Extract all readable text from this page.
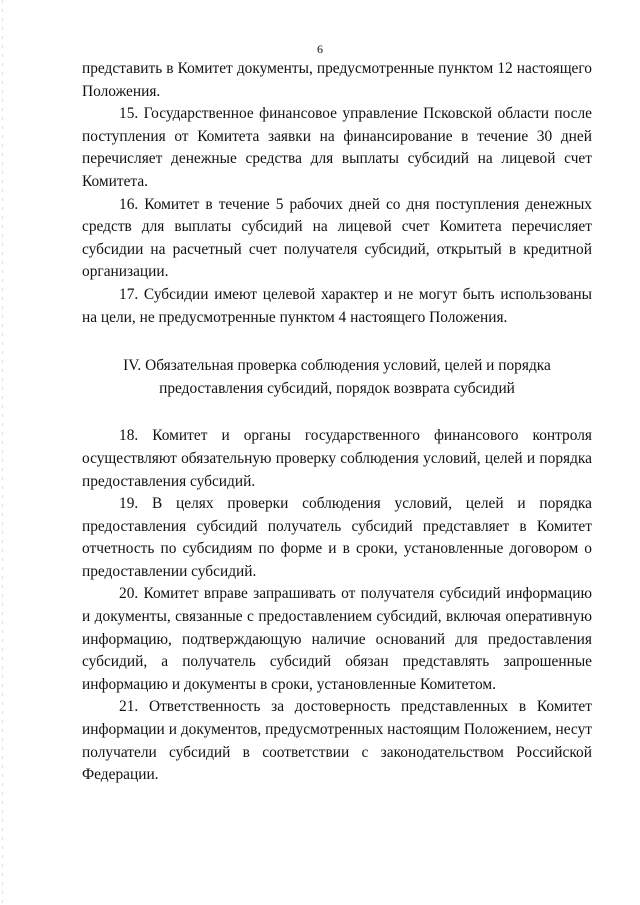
6

представить в Комитет документы, предусмотренные пунктом 12 настоящего Положения.

15. Государственное финансовое управление Псковской области после поступления от Комитета заявки на финансирование в течение 30 дней перечисляет денежные средства для выплаты субсидий на лицевой счет Комитета.

16. Комитет в течение 5 рабочих дней со дня поступления денежных средств для выплаты субсидий на лицевой счет Комитета перечисляет субсидии на расчетный счет получателя субсидий, открытый в кредитной организации.

17. Субсидии имеют целевой характер и не могут быть использованы на цели, не предусмотренные пунктом 4 настоящего Положения.

IV. Обязательная проверка соблюдения условий, целей и порядка
предоставления субсидий, порядок возврата субсидий

18. Комитет и органы государственного финансового контроля осуществляют обязательную проверку соблюдения условий, целей и порядка предоставления субсидий.

19. В целях проверки соблюдения условий, целей и порядка предоставления субсидий получатель субсидий представляет в Комитет отчетность по субсидиям по форме и в сроки, установленные договором о предоставлении субсидий.

20. Комитет вправе запрашивать от получателя субсидий информацию и документы, связанные с предоставлением субсидий, включая оперативную информацию, подтверждающую наличие оснований для предоставления субсидий, а получатель субсидий обязан представлять запрошенные информацию и документы в сроки, установленные Комитетом.

21. Ответственность за достоверность представленных в Комитет информации и документов, предусмотренных настоящим Положением, несут получатели субсидий в соответствии с законодательством Российской Федерации.
